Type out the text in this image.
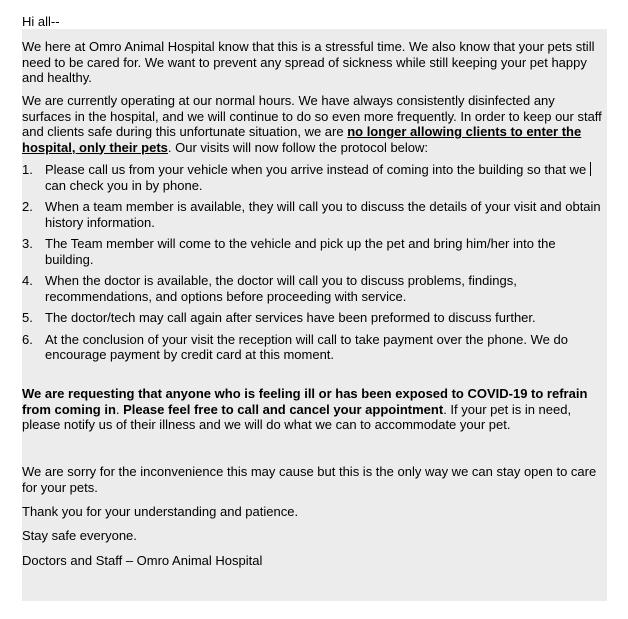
Hi all--

We here at Omro Animal Hospital know that this is a stressful time. We also know that your pets still need to be cared for. We want to prevent any spread of sickness while still keeping your pet happy and healthy.

We are currently operating at our normal hours. We have always consistently disinfected any surfaces in the hospital, and we will continue to do so even more frequently. In order to keep our staff and clients safe during this unfortunate situation, we are no longer allowing clients to enter the hospital, only their pets. Our visits will now follow the protocol below:

1. Please call us from your vehicle when you arrive instead of coming into the building so that we can check you in by phone.
2. When a team member is available, they will call you to discuss the details of your visit and obtain history information.
3. The Team member will come to the vehicle and pick up the pet and bring him/her into the building.
4. When the doctor is available, the doctor will call you to discuss problems, findings, recommendations, and options before proceeding with service.
5. The doctor/tech may call again after services have been preformed to discuss further.
6. At the conclusion of your visit the reception will call to take payment over the phone. We do encourage payment by credit card at this moment.

We are requesting that anyone who is feeling ill or has been exposed to COVID-19 to refrain from coming in. Please feel free to call and cancel your appointment. If your pet is in need, please notify us of their illness and we will do what we can to accommodate your pet.

We are sorry for the inconvenience this may cause but this is the only way we can stay open to care for your pets.

Thank you for your understanding and patience.

Stay safe everyone.

Doctors and Staff – Omro Animal Hospital
